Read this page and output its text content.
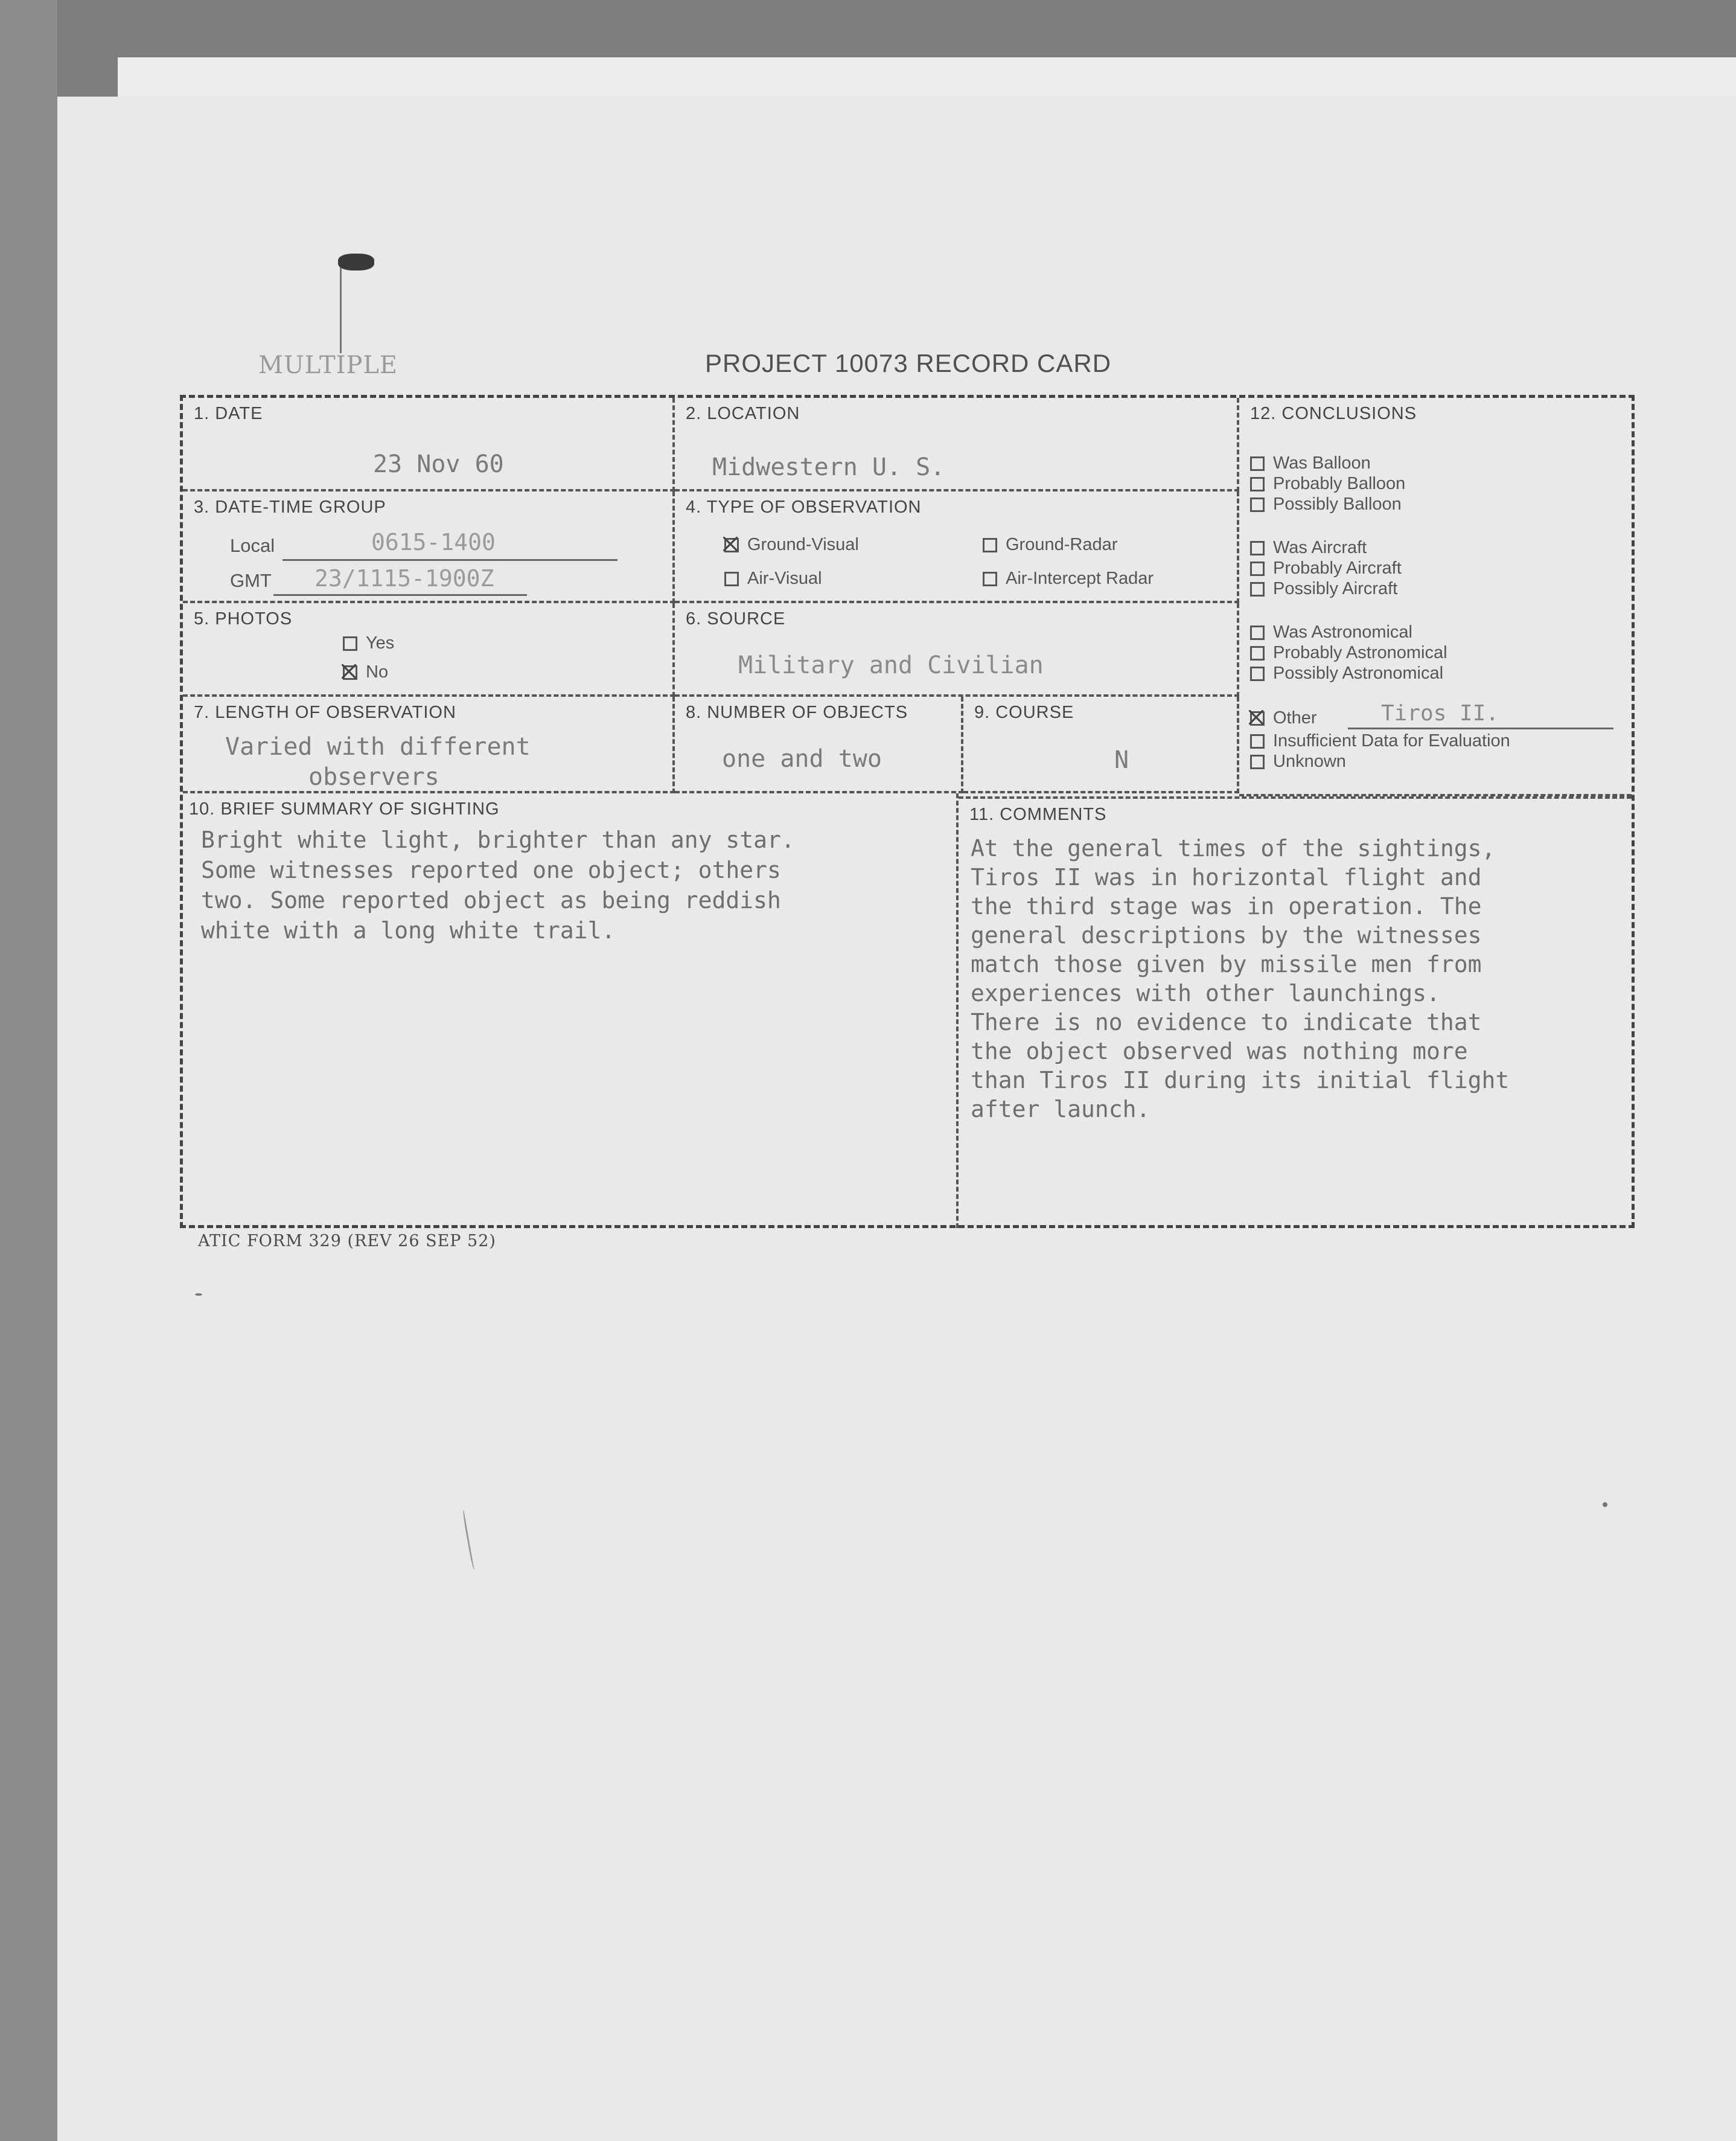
MULTIPLE	PROJECT 10073 RECORD CARD
1. DATE
23 Nov 60
2. LOCATION
Midwestern U. S.
3. DATE-TIME GROUP
Local	0615-1400
GMT 23/1115-1900Z
4. TYPE OF OBSERVATION
Ground-Visual	Ground-Radar
Air-Visual	Air-Intercept Radar
5. PHOTOS
Yes
No
6. SOURCE
Military and Civilian
7. LENGTH OF OBSERVATION
Varied with different
observers
8. NUMBER OF OBJECTS
one and two
9. COURSE
N
12. CONCLUSIONS
Was Balloon
Probably Balloon
Possibly Balloon
Was Aircraft
Probably Aircraft
Possibly Aircraft
Was Astronomical
Probably Astronomical
Possibly Astronomical
Other	Tiros II.
Insufficient Data for Evaluation
Unknown
10. BRIEF SUMMARY OF SIGHTING
Bright white light, brighter than any star.
Some witnesses reported one object; others
two. Some reported object as being reddish
white with a long white trail.
11. COMMENTS
At the general times of the sightings,
Tiros II was in horizontal flight and
the third stage was in operation. The
general descriptions by the witnesses
match those given by missile men from
experiences with other launchings.
There is no evidence to indicate that
the object observed was nothing more
than Tiros II during its initial flight
after launch.
ATIC FORM 329 (REV 26 SEP 52)
